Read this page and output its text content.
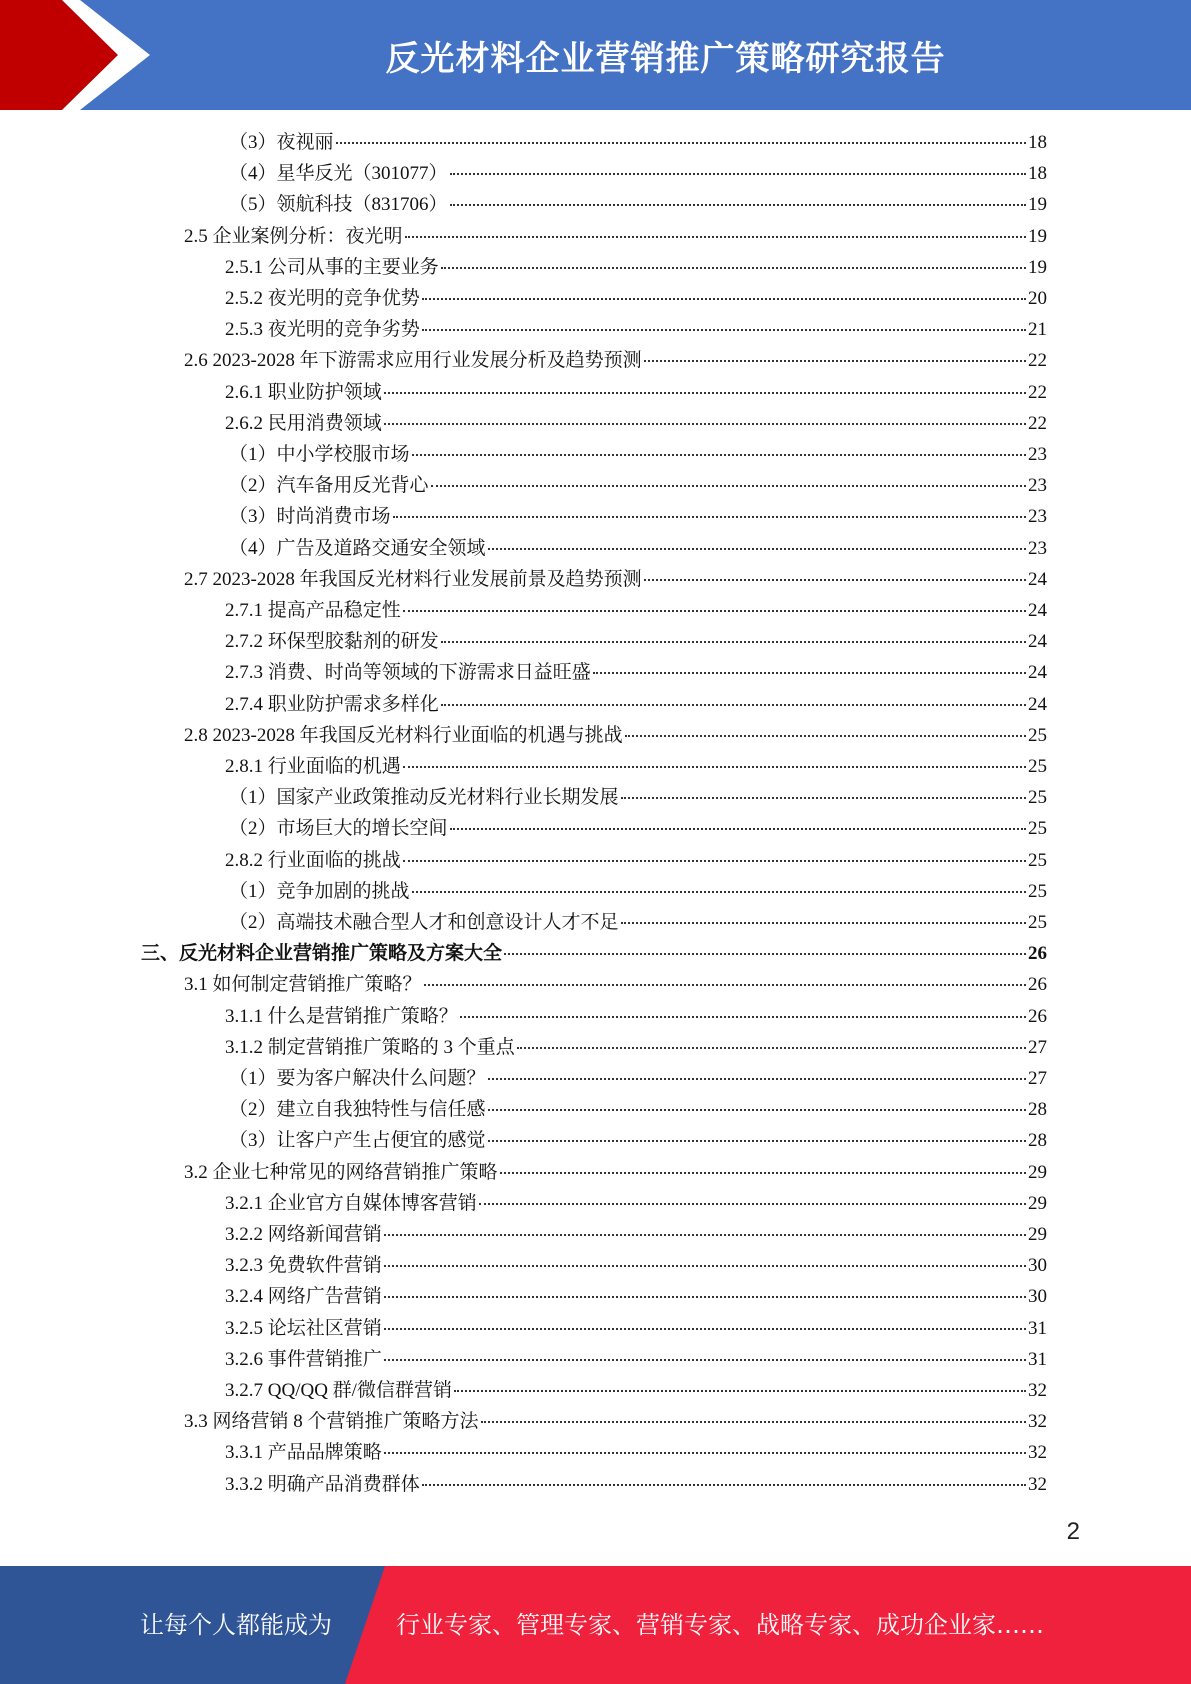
反光材料企业营销推广策略研究报告
（3）夜视丽	18
（4）星华反光（301077）	18
（5）领航科技（831706）	19
2.5 企业案例分析：夜光明	19
2.5.1 公司从事的主要业务	19
2.5.2 夜光明的竞争优势	20
2.5.3 夜光明的竞争劣势	21
2.6 2023-2028 年下游需求应用行业发展分析及趋势预测	22
2.6.1 职业防护领域	22
2.6.2 民用消费领域	22
（1）中小学校服市场	23
（2）汽车备用反光背心	23
（3）时尚消费市场	23
（4）广告及道路交通安全领域	23
2.7 2023-2028 年我国反光材料行业发展前景及趋势预测	24
2.7.1 提高产品稳定性	24
2.7.2 环保型胶黏剂的研发	24
2.7.3 消费、时尚等领域的下游需求日益旺盛	24
2.7.4 职业防护需求多样化	24
2.8 2023-2028 年我国反光材料行业面临的机遇与挑战	25
2.8.1 行业面临的机遇	25
（1）国家产业政策推动反光材料行业长期发展	25
（2）市场巨大的增长空间	25
2.8.2 行业面临的挑战	25
（1）竞争加剧的挑战	25
（2）高端技术融合型人才和创意设计人才不足	25
三、反光材料企业营销推广策略及方案大全	26
3.1 如何制定营销推广策略？	26
3.1.1 什么是营销推广策略？	26
3.1.2 制定营销推广策略的 3 个重点	27
（1）要为客户解决什么问题？	27
（2）建立自我独特性与信任感	28
（3）让客户产生占便宜的感觉	28
3.2 企业七种常见的网络营销推广策略	29
3.2.1 企业官方自媒体博客营销	29
3.2.2 网络新闻营销	29
3.2.3 免费软件营销	30
3.2.4 网络广告营销	30
3.2.5 论坛社区营销	31
3.2.6 事件营销推广	31
3.2.7 QQ/QQ 群/微信群营销	32
3.3 网络营销 8 个营销推广策略方法	32
3.3.1 产品品牌策略	32
3.3.2 明确产品消费群体	32
2
让每个人都能成为	行业专家、管理专家、营销专家、战略专家、成功企业家……
